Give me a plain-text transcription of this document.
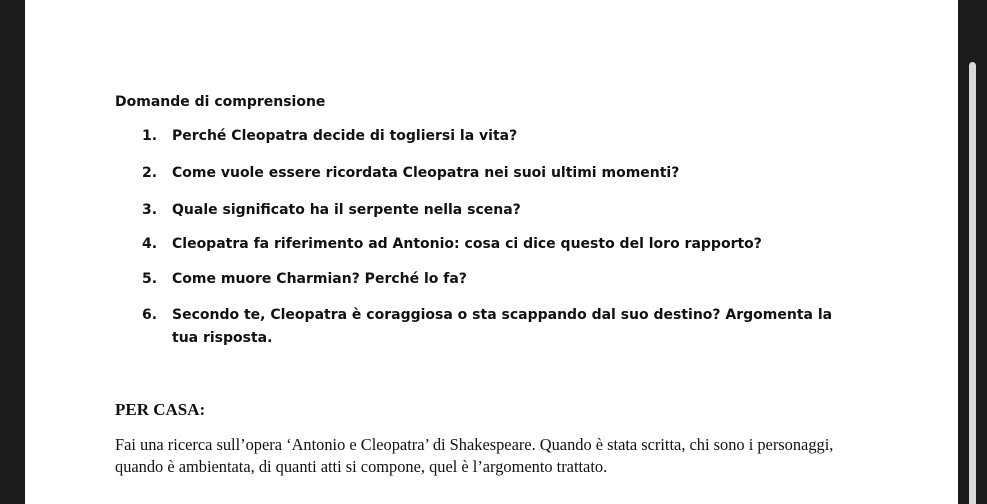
Domande di comprensione
1. Perché Cleopatra decide di togliersi la vita?
2. Come vuole essere ricordata Cleopatra nei suoi ultimi momenti?
3. Quale significato ha il serpente nella scena?
4. Cleopatra fa riferimento ad Antonio: cosa ci dice questo del loro rapporto?
5. Come muore Charmian? Perché lo fa?
6. Secondo te, Cleopatra è coraggiosa o sta scappando dal suo destino? Argomenta la tua risposta.
PER CASA:

Fai una ricerca sull’opera ‘Antonio e Cleopatra’ di Shakespeare. Quando è stata scritta, chi sono i personaggi, quando è ambientata, di quanti atti si compone, quel è l’argomento trattato.
